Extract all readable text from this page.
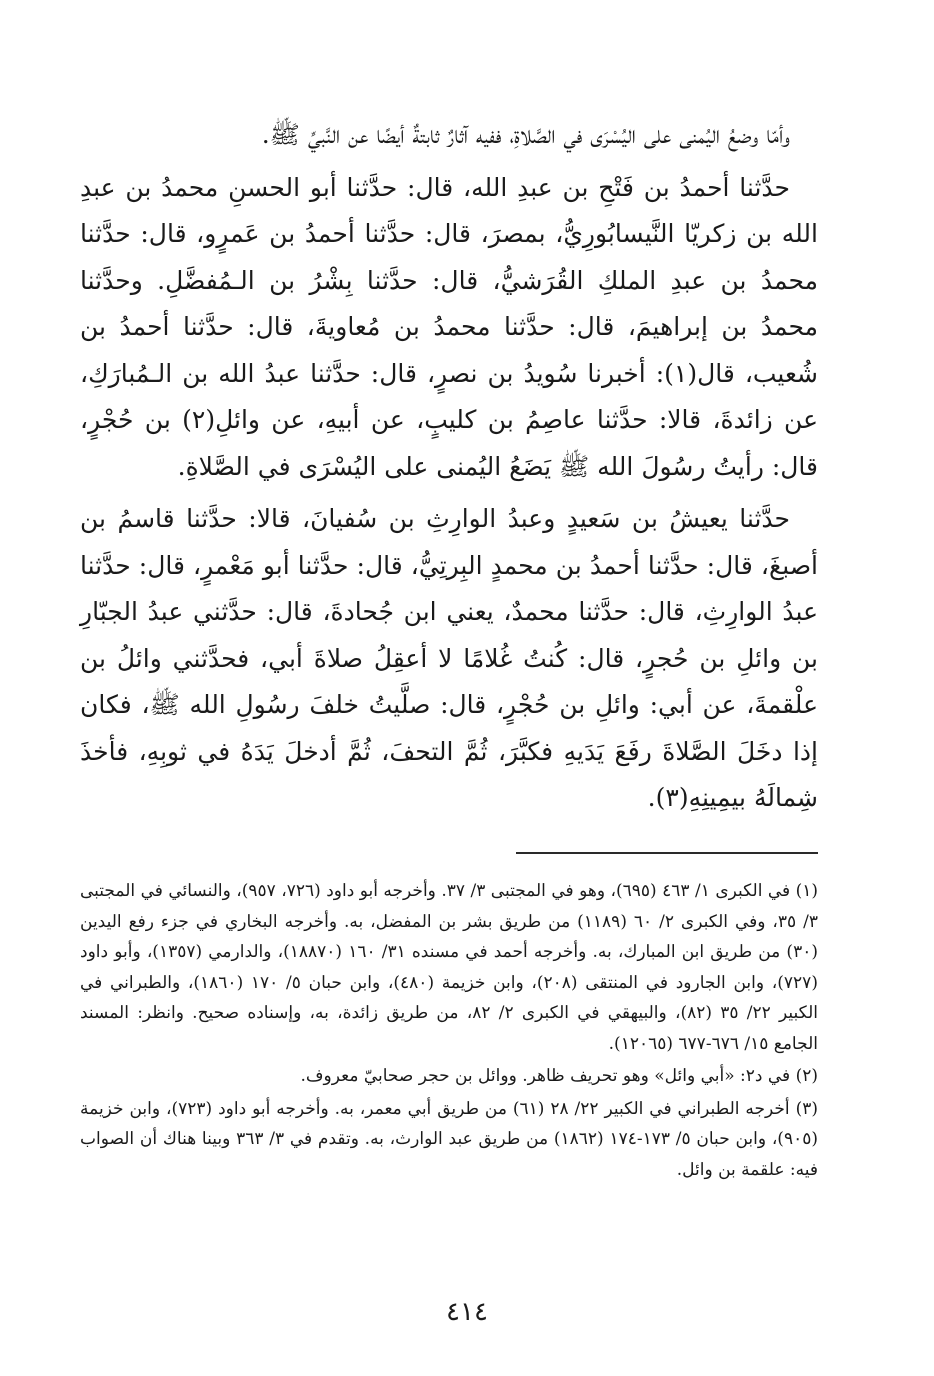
وأمّا وضعُ اليُمنى على اليُسْرَى في الصَّلاةِ، ففيه آثارٌ ثابتةٌ أيضًا عن النَّبيِّ ﷺ.

حدَّثنا أحمدُ بن فَتْحِ بن عبدِ الله، قال: حدَّثنا أبو الحسنِ محمدُ بن عبدِ الله بن زكريّا النَّيسابُورِيُّ، بمصرَ، قال: حدَّثنا أحمدُ بن عَمرٍو، قال: حدَّثنا محمدُ بن عبدِ الملكِ القُرَشيُّ، قال: حدَّثنا بِشْرُ بن الـمُفضَّلِ. وحدَّثنا محمدُ بن إبراهيمَ، قال: حدَّثنا محمدُ بن مُعاويةَ، قال: حدَّثنا أحمدُ بن شُعيب، قال(١): أخبرنا سُويدُ بن نصرٍ، قال: حدَّثنا عبدُ الله بن الـمُبارَكِ، عن زائدةَ، قالا: حدَّثنا عاصِمُ بن كليبٍ، عن أبيهِ، عن وائلِ(٢) بن حُجْرٍ، قال: رأيتُ رسُولَ الله ﷺ يَضَعُ اليُمنى على اليُسْرَى في الصَّلاةِ.

حدَّثنا يعيشُ بن سَعيدٍ وعبدُ الوارِثِ بن سُفيانَ، قالا: حدَّثنا قاسمُ بن أصبغَ، قال: حدَّثنا أحمدُ بن محمدٍ البِرتِيُّ، قال: حدَّثنا أبو مَعْمرٍ، قال: حدَّثنا عبدُ الوارِثِ، قال: حدَّثنا محمدٌ، يعني ابن جُحادةَ، قال: حدَّثني عبدُ الجبّارِ بن وائلِ بن حُجرٍ، قال: كُنتُ غُلامًا لا أعقِلُ صلاةَ أبي، فحدَّثني وائلُ بن علْقمةَ، عن أبي: وائلِ بن حُجْرٍ، قال: صلَّيتُ خلفَ رسُولِ الله ﷺ، فكان إذا دخَلَ الصَّلاةَ رفَعَ يَدَيهِ فكبَّرَ، ثُمَّ التحفَ، ثُمَّ أدخلَ يَدَهُ في ثوبِهِ، فأخذَ شِمالَهُ بيمِينِهِ(٣).

(١) في الكبرى ١/ ٤٦٣ (٦٩٥)، وهو في المجتبى ٣/ ٣٧. وأخرجه أبو داود (٧٢٦، ٩٥٧)، والنسائي في المجتبى ٣/ ٣٥، وفي الكبرى ٢/ ٦٠ (١١٨٩) من طريق بشر بن المفضل، به. وأخرجه البخاري في جزء رفع اليدين (٣٠) من طريق ابن المبارك، به. وأخرجه أحمد في مسنده ٣١/ ١٦٠ (١٨٨٧٠)، والدارمي (١٣٥٧)، وأبو داود (٧٢٧)، وابن الجارود في المنتقى (٢٠٨)، وابن خزيمة (٤٨٠)، وابن حبان ٥/ ١٧٠ (١٨٦٠)، والطبراني في الكبير ٢٢/ ٣٥ (٨٢)، والبيهقي في الكبرى ٢/ ٨٢، من طريق زائدة، به، وإسناده صحيح. وانظر: المسند الجامع ١٥/ ٦٧٦-٦٧٧ (١٢٠٦٥).

(٢) في د٢: «أبي وائل» وهو تحريف ظاهر. ووائل بن حجر صحابيّ معروف.

(٣) أخرجه الطبراني في الكبير ٢٢/ ٢٨ (٦١) من طريق أبي معمر، به. وأخرجه أبو داود (٧٢٣)، وابن خزيمة (٩٠٥)، وابن حبان ٥/ ١٧٣-١٧٤ (١٨٦٢) من طريق عبد الوارث، به. وتقدم في ٣/ ٣٦٣ وبينا هناك أن الصواب فيه: علقمة بن وائل.

٤١٤
